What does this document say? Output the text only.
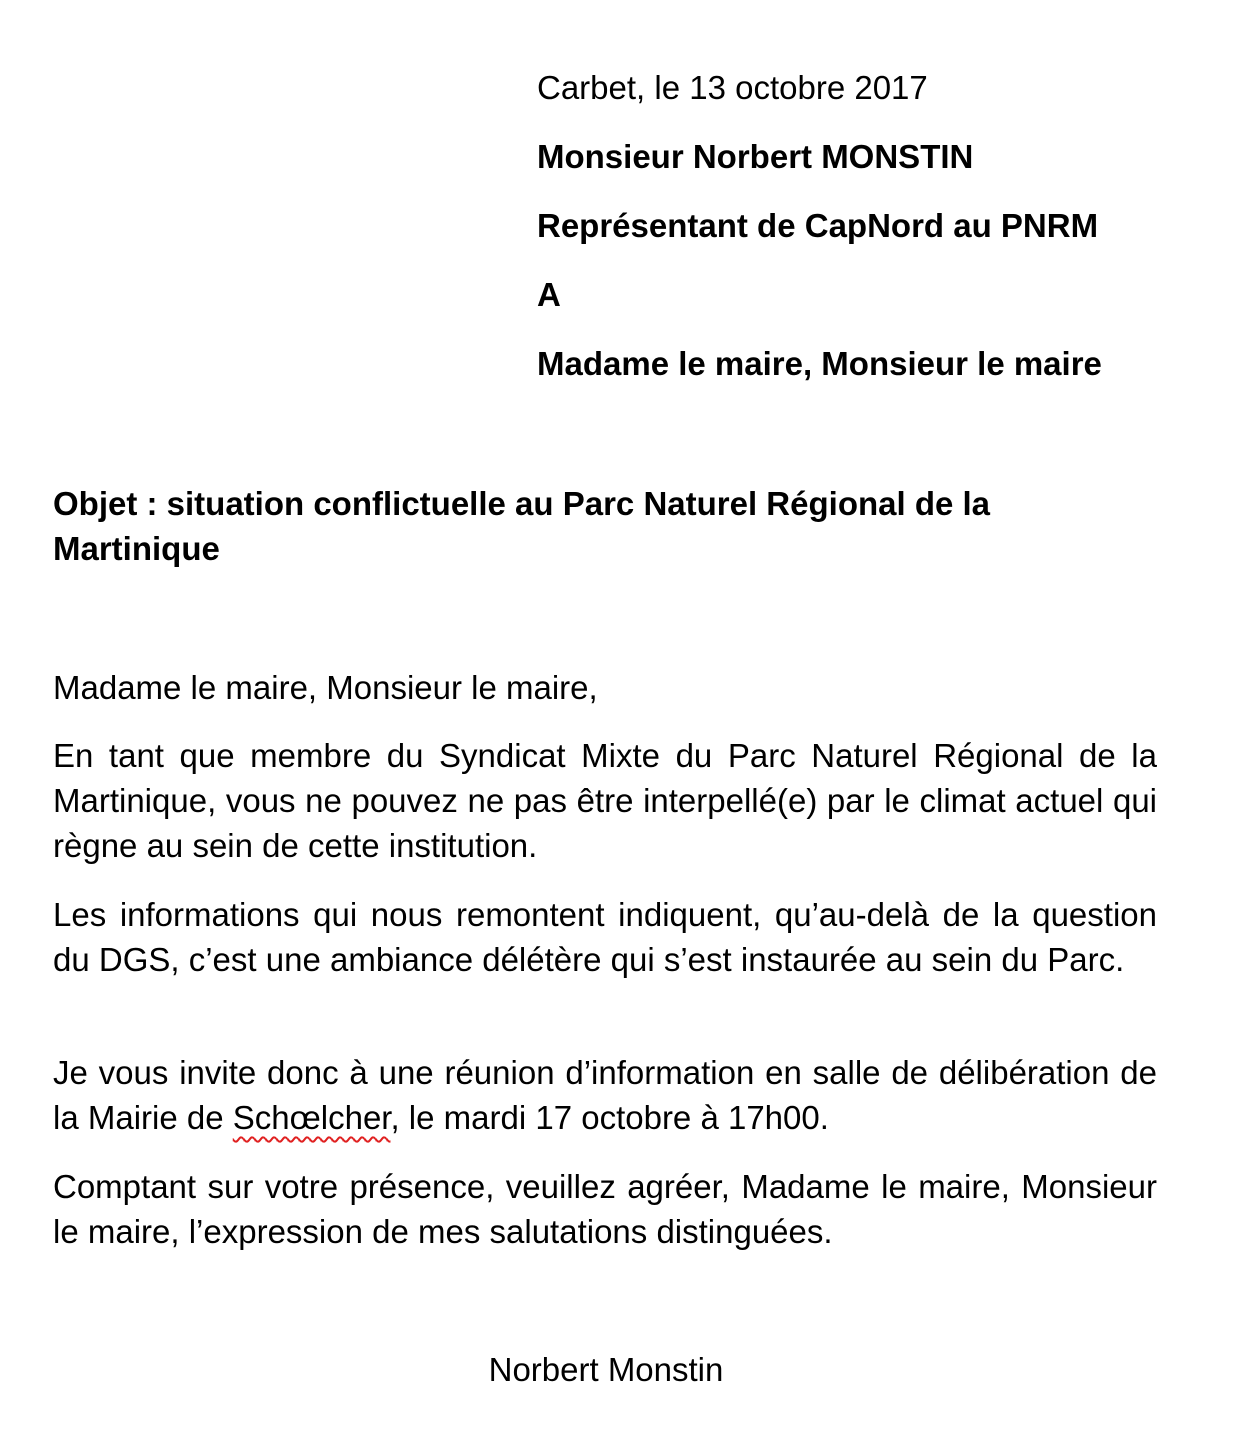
Carbet, le 13 octobre 2017

Monsieur Norbert MONSTIN

Représentant de CapNord au PNRM

A

Madame le maire, Monsieur le maire

Objet : situation conflictuelle au Parc Naturel Régional de la Martinique

Madame le maire, Monsieur le maire,

En tant que membre du Syndicat Mixte du Parc Naturel Régional de la Martinique, vous ne pouvez ne pas être interpellé(e) par le climat actuel qui règne au sein de cette institution.

Les informations qui nous remontent indiquent, qu’au-delà de la question du DGS, c’est une ambiance délétère qui s’est instaurée au sein du Parc.

Je vous invite donc à une réunion d’information en salle de délibération de la Mairie de Schœlcher, le mardi 17 octobre à 17h00.

Comptant sur votre présence, veuillez agréer, Madame le maire, Monsieur le maire, l’expression de mes salutations distinguées.

Norbert Monstin
